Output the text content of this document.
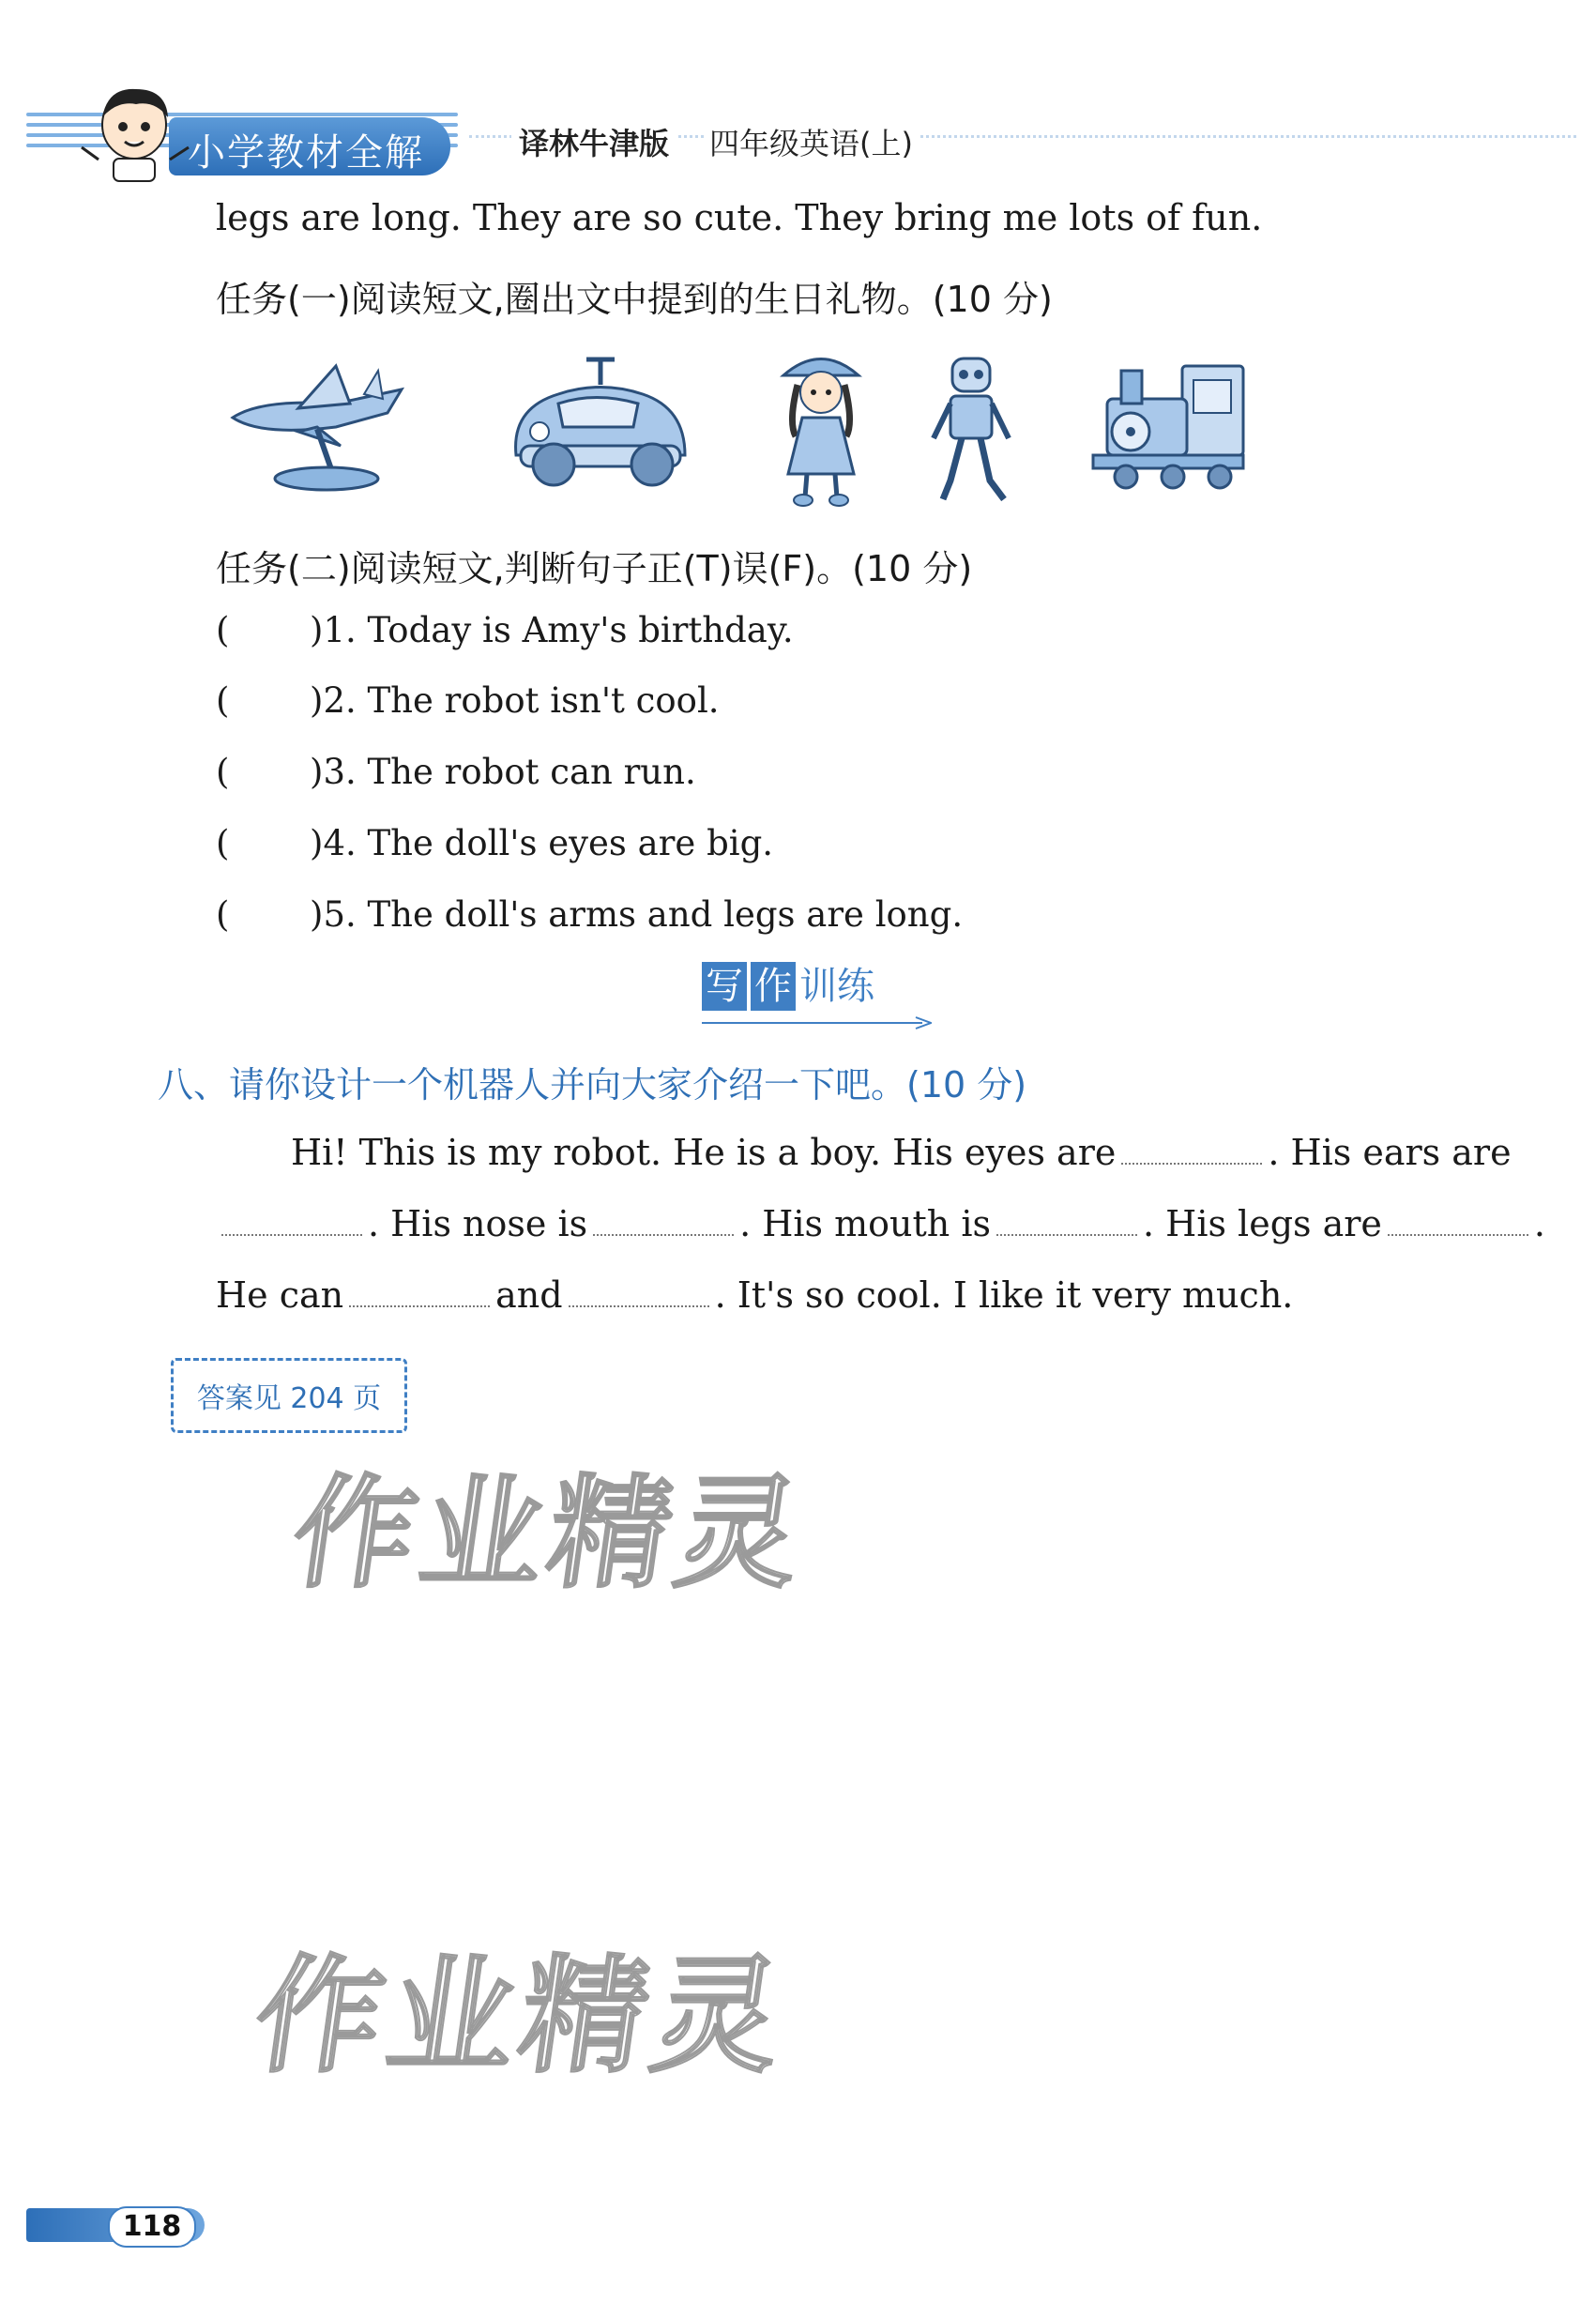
小学教材全解	译林牛津版 四年级英语(上)
legs are long. They are so cute. They bring me lots of fun.
任务(一)阅读短文,圈出文中提到的生日礼物。(10 分)
任务(二)阅读短文,判断句子正(T)误(F)。(10 分)
( )1. Today is Amy's birthday.
( )2. The robot isn't cool.
( )3. The robot can run.
( )4. The doll's eyes are big.
( )5. The doll's arms and legs are long.
写 作 训练
八、请你设计一个机器人并向大家介绍一下吧。(10 分)
Hi! This is my robot. He is a boy. His eyes are	. His ears are
. His nose is	. His mouth is	. His legs are	.
He can	and	. It's so cool. I like it very much.
答案见 204 页
作业精灵
作业精灵
118
